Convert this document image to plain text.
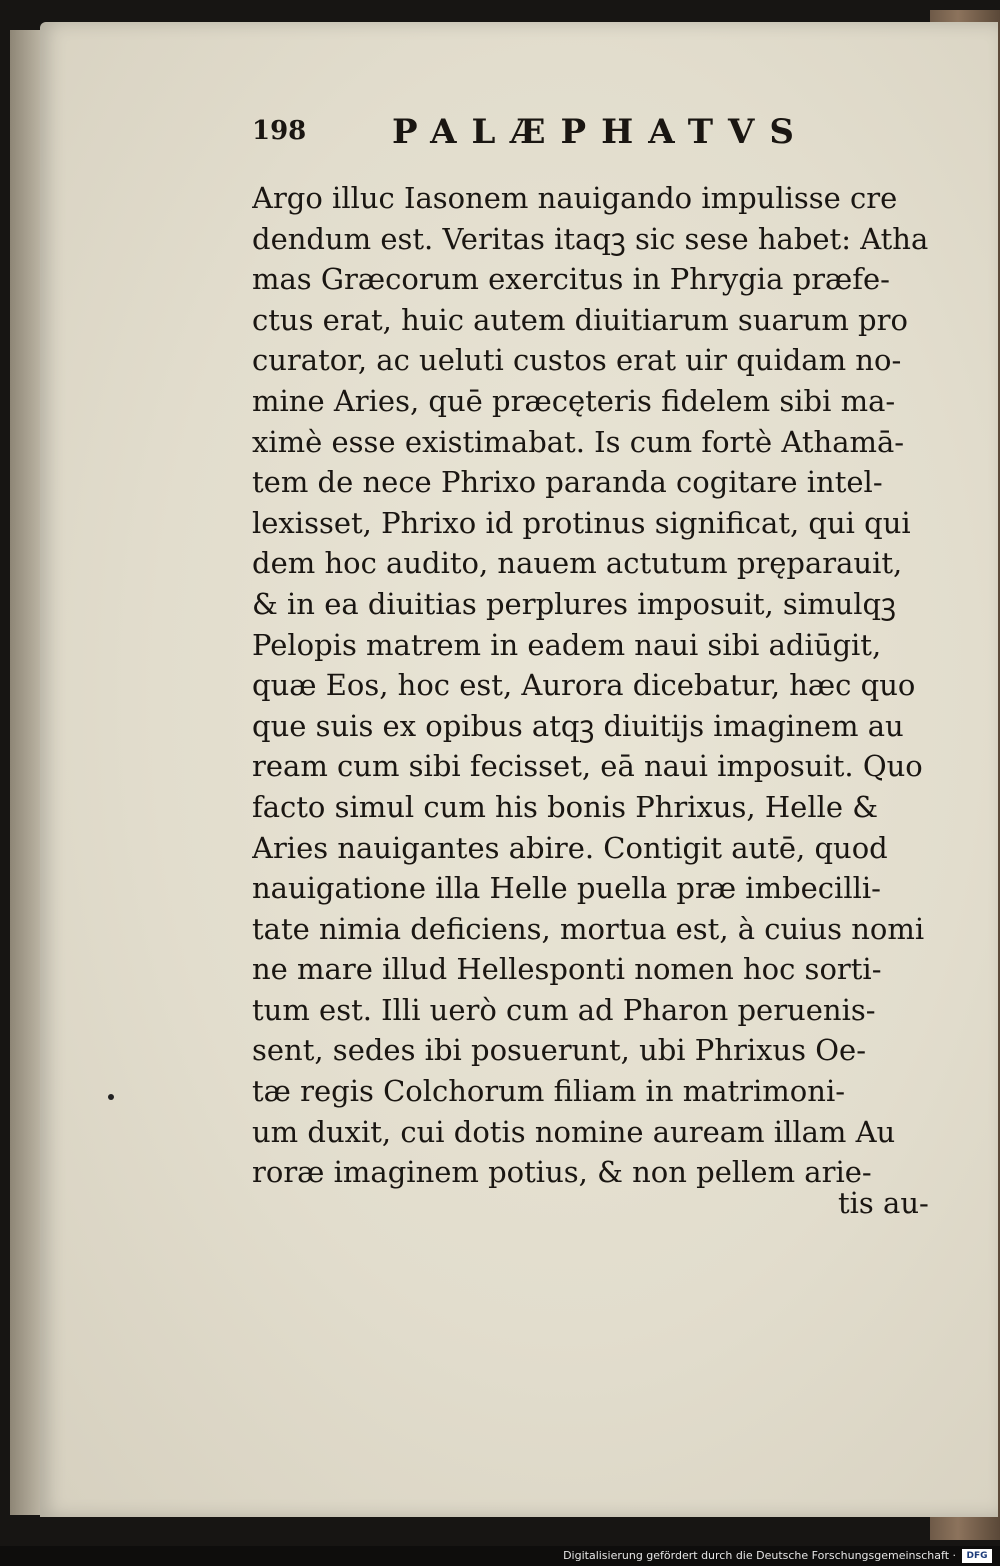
198	PALÆPHATVS
Argo illuc Iasonem nauigando impulisse cre
dendum est. Veritas itaqꝫ sic sese habet: Atha
mas Græcorum exercitus in Phrygia præfe-
ctus erat, huic autem diuitiarum suarum pro
curator, ac ueluti custos erat uir quidam no-
mine Aries, quē præcęteris fidelem sibi ma-
ximè esse existimabat. Is cum fortè Athamā-
tem de nece Phrixo paranda cogitare intel-
lexisset, Phrixo id protinus significat, qui qui
dem hoc audito, nauem actutum pręparauit,
& in ea diuitias perplures imposuit, simulqꝫ
Pelopis matrem in eadem naui sibi adiūgit,
quæ Eos, hoc est, Aurora dicebatur, hæc quo
que suis ex opibus atqꝫ diuitijs imaginem au
ream cum sibi fecisset, eā naui imposuit. Quo
facto simul cum his bonis Phrixus, Helle &
Aries nauigantes abire. Contigit autē, quod
nauigatione illa Helle puella præ imbecilli-
tate nimia deficiens, mortua est, à cuius nomi
ne mare illud Hellesponti nomen hoc sorti-
tum est. Illi uerò cum ad Pharon peruenis-
sent, sedes ibi posuerunt, ubi Phrixus Oe-
tæ regis Colchorum filiam in matrimoni-
um duxit, cui dotis nomine auream illam Au
roræ imaginem potius, & non pellem arie-
tis au-
Digitalisierung gefördert durch die Deutsche Forschungsgemeinschaft ·	DFG
